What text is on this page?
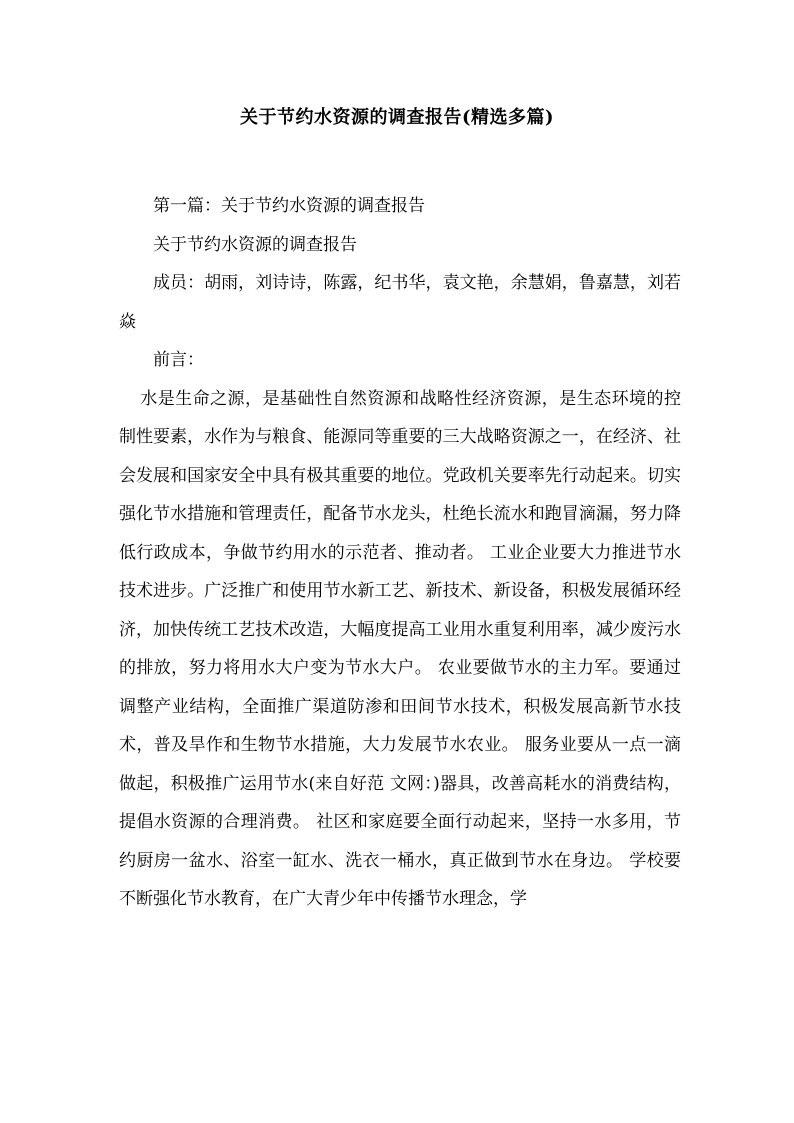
关于节约水资源的调查报告(精选多篇)

第一篇：关于节约水资源的调查报告

关于节约水资源的调查报告

成员：胡雨，刘诗诗，陈露，纪书华，袁文艳，余慧娟，鲁嘉慧，刘若焱

前言：

水是生命之源，是基础性自然资源和战略性经济资源，是生态环境的控制性要素，水作为与粮食、能源同等重要的三大战略资源之一，在经济、社会发展和国家安全中具有极其重要的地位。党政机关要率先行动起来。切实强化节水措施和管理责任，配备节水龙头，杜绝长流水和跑冒滴漏，努力降低行政成本，争做节约用水的示范者、推动者。 工业企业要大力推进节水技术进步。广泛推广和使用节水新工艺、新技术、新设备，积极发展循环经济，加快传统工艺技术改造，大幅度提高工业用水重复利用率，减少废污水的排放，努力将用水大户变为节水大户。 农业要做节水的主力军。要通过调整产业结构，全面推广渠道防渗和田间节水技术，积极发展高新节水技术，普及旱作和生物节水措施，大力发展节水农业。 服务业要从一点一滴做起，积极推广运用节水(来自好范 文网：)器具，改善高耗水的消费结构，提倡水资源的合理消费。 社区和家庭要全面行动起来，坚持一水多用，节约厨房一盆水、浴室一缸水、洗衣一桶水，真正做到节水在身边。 学校要不断强化节水教育，在广大青少年中传播节水理念，学
